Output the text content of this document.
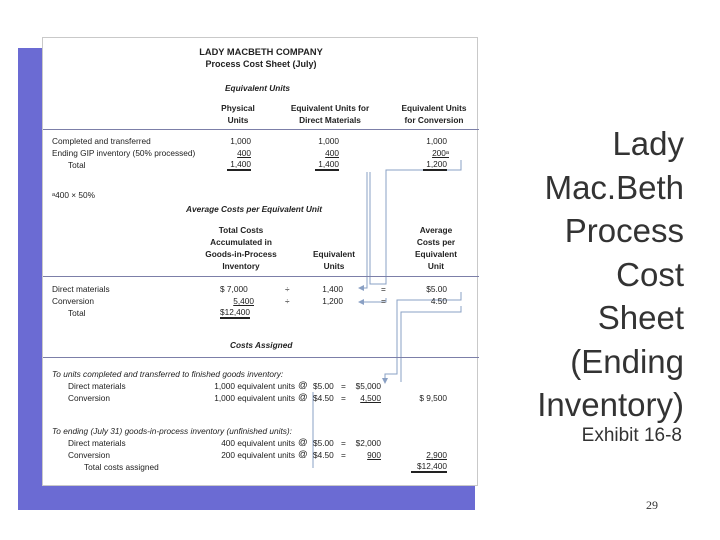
LADY MACBETH COMPANY
Process Cost Sheet (July)
Equivalent Units
Physical
Units
Equivalent Units for
Direct Materials
Equivalent Units
for Conversion
Completed and transferred
Ending GIP inventory (50% processed)
Total
1,000
400
1,400
1,000
400
1,400
1,000
200ᵃ
1,200
ᵃ400 × 50%
Average Costs per Equivalent Unit
Total Costs
Accumulated in
Goods-in-Process
Inventory
Equivalent
Units
Average
Costs per
Equivalent
Unit
Direct materials
Conversion
Total
$ 7,000
5,400
$12,400
÷
÷
1,400
1,200
=
=
$5.00
4.50
Costs Assigned
To units completed and transferred to finished goods inventory:
Direct materials
Conversion
1,000 equivalent units
1,000 equivalent units
@
@
$5.00
$4.50
=
=
$5,000
4,500	$ 9,500
To ending (July 31) goods-in-process inventory (unfinished units):
Direct materials
Conversion
Total costs assigned
400 equivalent units
200 equivalent units
@
@
$5.00
$4.50
=
=
$2,000
900	2,900
$12,400
Lady
Mac.Beth
Process
Cost
Sheet
(Ending
Inventory)
Exhibit 16-8
29
